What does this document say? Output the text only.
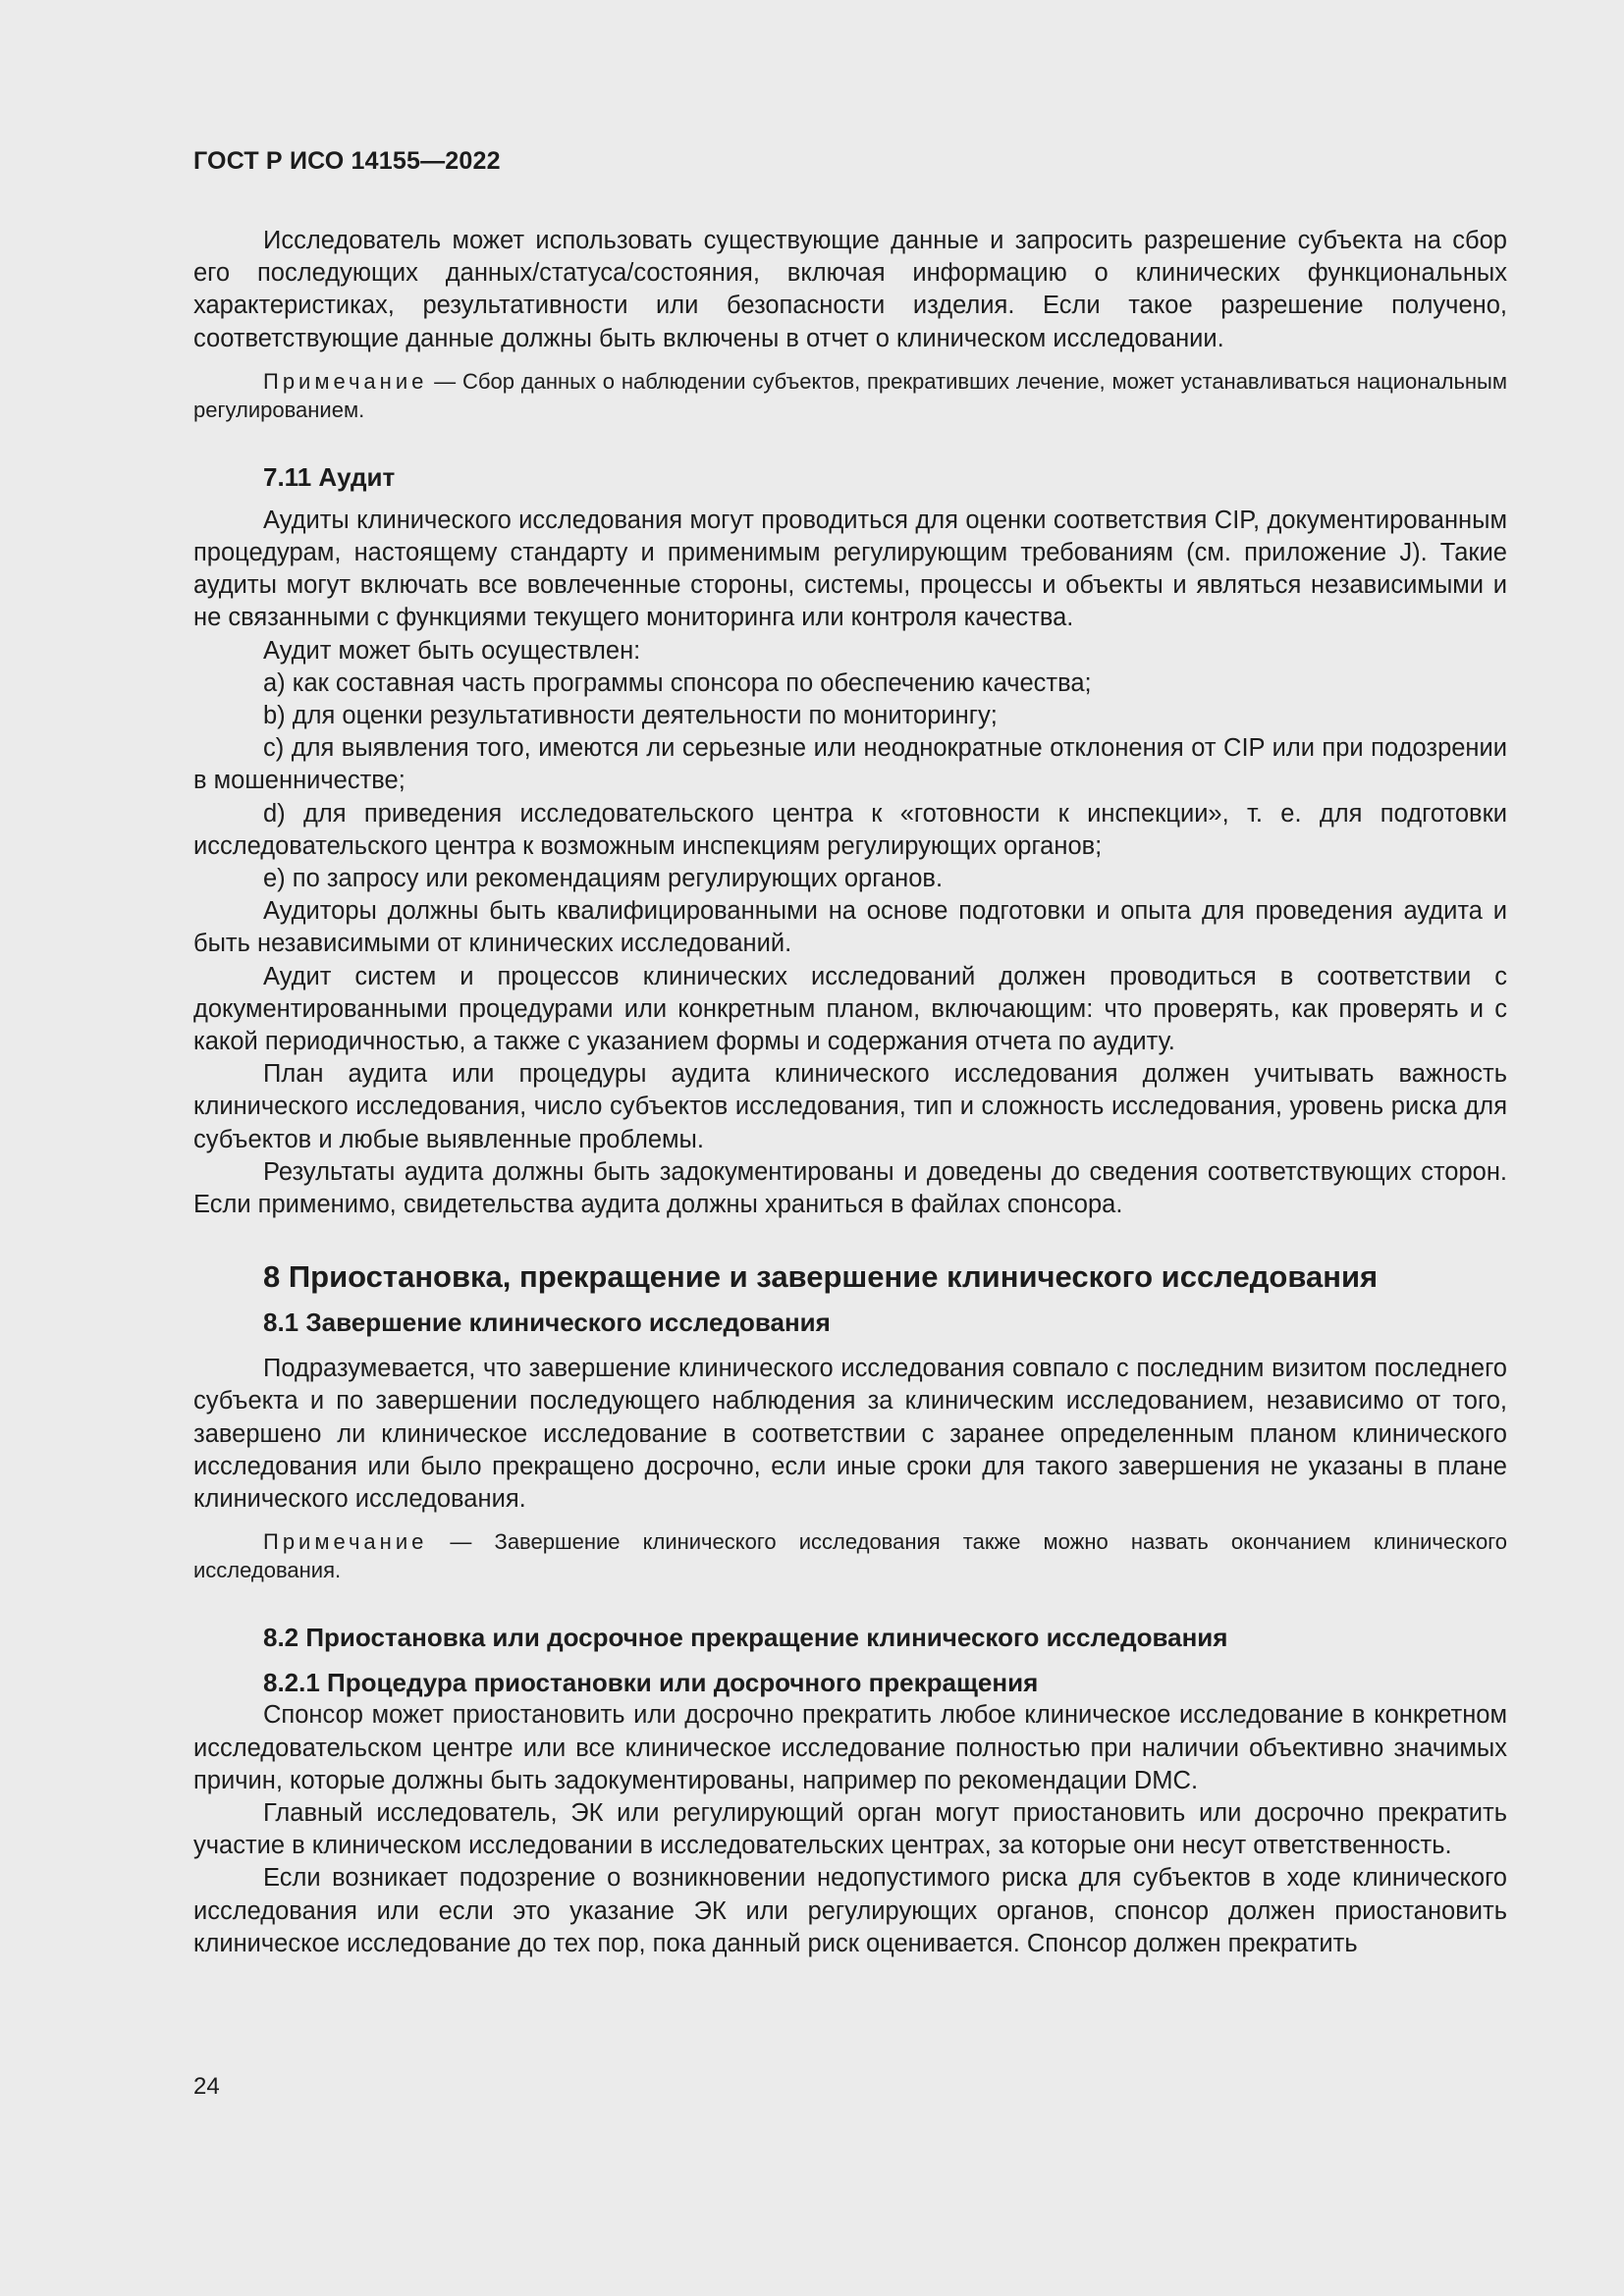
ГОСТ Р ИСО 14155—2022

Исследователь может использовать существующие данные и запросить разрешение субъекта на сбор его последующих данных/статуса/состояния, включая информацию о клинических функциональных характеристиках, результативности или безопасности изделия. Если такое разрешение получено, соответствующие данные должны быть включены в отчет о клиническом исследовании.

Примечание — Сбор данных о наблюдении субъектов, прекративших лечение, может устанавливаться национальным регулированием.
7.11 Аудит

Аудиты клинического исследования могут проводиться для оценки соответствия CIP, документированным процедурам, настоящему стандарту и применимым регулирующим требованиям (см. приложение J). Такие аудиты могут включать все вовлеченные стороны, системы, процессы и объекты и являться независимыми и не связанными с функциями текущего мониторинга или контроля качества.

Аудит может быть осуществлен:

a) как составная часть программы спонсора по обеспечению качества;

b) для оценки результативности деятельности по мониторингу;

c) для выявления того, имеются ли серьезные или неоднократные отклонения от CIP или при подозрении в мошенничестве;

d) для приведения исследовательского центра к «готовности к инспекции», т. е. для подготовки исследовательского центра к возможным инспекциям регулирующих органов;

e) по запросу или рекомендациям регулирующих органов.

Аудиторы должны быть квалифицированными на основе подготовки и опыта для проведения аудита и быть независимыми от клинических исследований.

Аудит систем и процессов клинических исследований должен проводиться в соответствии с документированными процедурами или конкретным планом, включающим: что проверять, как проверять и с какой периодичностью, а также с указанием формы и содержания отчета по аудиту.

План аудита или процедуры аудита клинического исследования должен учитывать важность клинического исследования, число субъектов исследования, тип и сложность исследования, уровень риска для субъектов и любые выявленные проблемы.

Результаты аудита должны быть задокументированы и доведены до сведения соответствующих сторон. Если применимо, свидетельства аудита должны храниться в файлах спонсора.

8 Приостановка, прекращение и завершение клинического исследования
8.1 Завершение клинического исследования

Подразумевается, что завершение клинического исследования совпало с последним визитом последнего субъекта и по завершении последующего наблюдения за клиническим исследованием, независимо от того, завершено ли клиническое исследование в соответствии с заранее определенным планом клинического исследования или было прекращено досрочно, если иные сроки для такого завершения не указаны в плане клинического исследования.

Примечание — Завершение клинического исследования также можно назвать окончанием клинического исследования.
8.2 Приостановка или досрочное прекращение клинического исследования
8.2.1 Процедура приостановки или досрочного прекращения

Спонсор может приостановить или досрочно прекратить любое клиническое исследование в конкретном исследовательском центре или все клиническое исследование полностью при наличии объективно значимых причин, которые должны быть задокументированы, например по рекомендации DMC.

Главный исследователь, ЭК или регулирующий орган могут приостановить или досрочно прекратить участие в клиническом исследовании в исследовательских центрах, за которые они несут ответственность.

Если возникает подозрение о возникновении недопустимого риска для субъектов в ходе клинического исследования или если это указание ЭК или регулирующих органов, спонсор должен приостановить клиническое исследование до тех пор, пока данный риск оценивается. Спонсор должен прекратить

24
